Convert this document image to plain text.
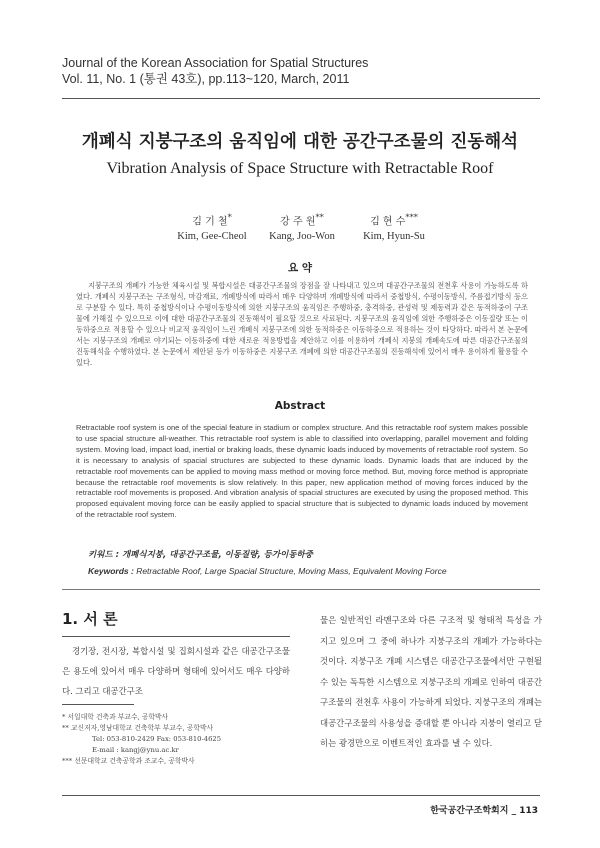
Journal of the Korean Association for Spatial Structures
Vol. 11, No. 1 (통권 43호), pp.113~120, March, 2011
개폐식 지붕구조의 움직임에 대한 공간구조물의 진동해석
Vibration Analysis of Space Structure with Retractable Roof
김 기 철*
Kim, Gee-Cheol
강 주 원**
Kang, Joo-Won
김 현 수***
Kim, Hyun-Su
요 약
지붕구조의 개폐가 가능한 체육시설 및 복합시설은 대공간구조물의 장점을 잘 나타내고 있으며 대공간구조물의 전천후 사용이 가능하도록 하였다. 개폐식 지붕구조는 구조형식, 마감재료, 개폐방식에 따라서 매우 다양하며 개폐방식에 따라서 중첩방식, 수평이동방식, 주름접기방식 등으로 구분할 수 있다. 특히 중첩방식이나 수평이동방식에 의한 지붕구조의 움직임은 주행하중, 충격하중, 관성력 및 제동력과 같은 동적하중이 구조물에 가해질 수 있으므로 이에 대한 대공간구조물의 진동해석이 필요할 것으로 사료된다. 지붕구조의 움직임에 의한 주행하중은 이동질량 또는 이동하중으로 적용할 수 있으나 비교적 움직임이 느린 개폐식 지붕구조에 의한 동적하중은 이동하중으로 적용하는 것이 타당하다. 따라서 본 논문에서는 지붕구조의 개폐로 야기되는 이동하중에 대한 새로운 적용방법을 제안하고 이를 이용하여 개폐식 지붕의 개폐속도에 따른 대공간구조물의 진동해석을 수행하였다. 본 논문에서 제안된 등가 이동하중은 지붕구조 개폐에 의한 대공간구조물의 진동해석에 있어서 매우 용이하게 활용할 수 있다.
Abstract
Retractable roof system is one of the special feature in stadium or complex structure. And this retractable roof system makes possible to use spacial structure all-weather. This retractable roof system is able to classified into overlapping, parallel movement and folding system. Moving load, impact load, inertial or braking loads, these dynamic loads induced by movements of retractable roof system. So it is necessary to analysis of spacial structures are subjected to these dynamic loads. Dynamic loads that are induced by the retractable roof movements can be applied to moving mass method or moving force method. But, moving force method is appropriate because the retractable roof movements is slow relatively. In this paper, new application method of moving forces induced by the retractable roof movements is proposed. And vibration analysis of spacial structures are executed by using the proposed method. This proposed equivalent moving force can be easily applied to spacial structure that is subjected to dynamic loads induced by movement of the retractable roof system.
키워드 : 개폐식지붕, 대공간구조물, 이동질량, 등가이동하중
Keywords : Retractable Roof, Large Spacial Structure, Moving Mass, Equivalent Moving Force
1. 서 론
경기장, 전시장, 복합시설 및 집회시설과 같은 대공간구조물은 용도에 있어서 매우 다양하며 형태에 있어서도 매우 다양하다. 그리고 대공간구조
물은 일반적인 라멘구조와 다른 구조적 및 형태적 특성을 가지고 있으며 그 중에 하나가 지붕구조의 개폐가 가능하다는 것이다. 지붕구조 개폐 시스템은 대공간구조물에서만 구현될 수 있는 독특한 시스템으로 지붕구조의 개폐로 인하여 대공간구조물의 전천후 사용이 가능하게 되었다. 지붕구조의 개폐는 대공간구조물의 사용성을 증대할 뿐 아니라 지붕이 열리고 닫히는 광경만으로 이벤트적인 효과를 낼 수 있다.
* 서일대학 건축과 부교수, 공학박사
** 교신저자,영남대학교 건축학부 부교수, 공학박사
Tel: 053-810-2429 Fax: 053-810-4625
E-mail : kangj@ynu.ac.kr
*** 선문대학교 건축공학과 조교수, 공학박사
한국공간구조학회지 _ 113
